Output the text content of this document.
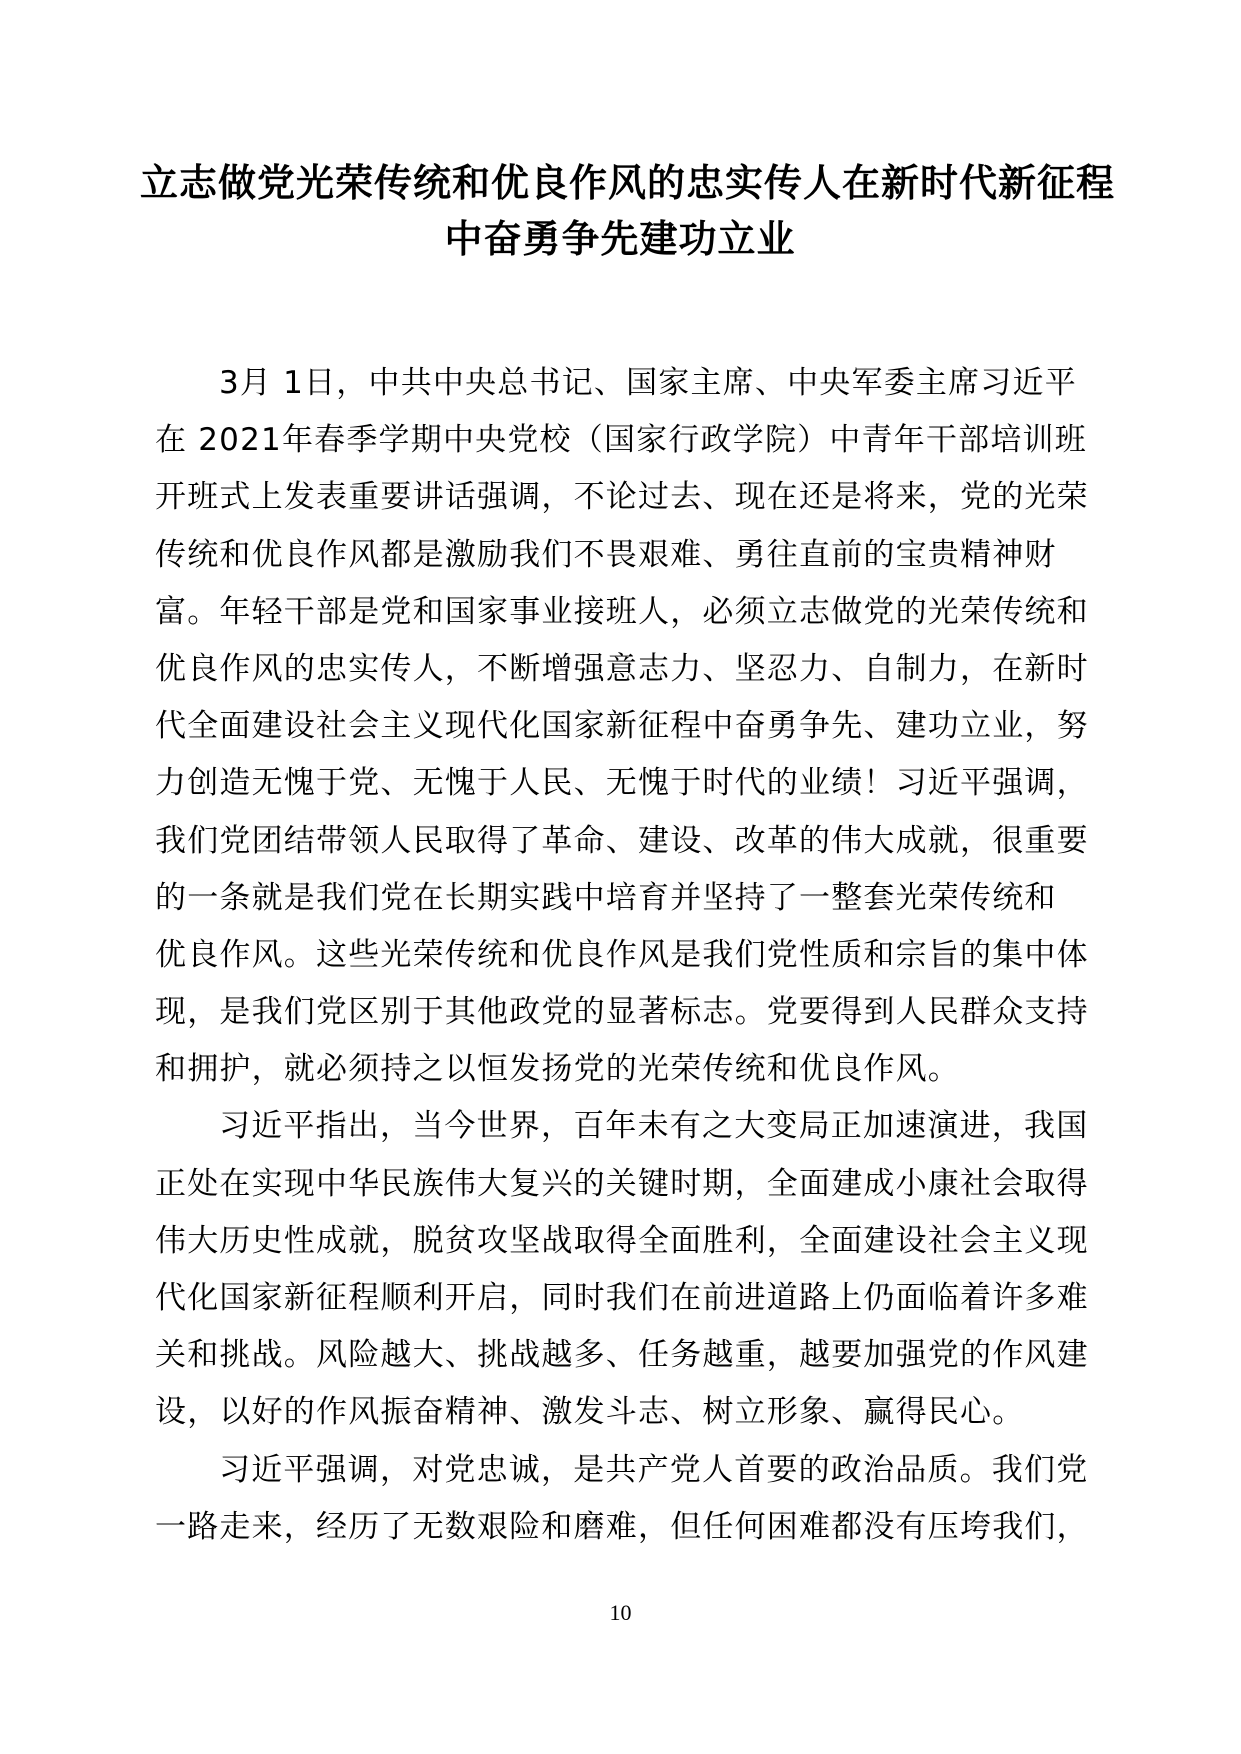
立志做党光荣传统和优良作风的忠实传人在新时代新征程
中奋勇争先建功立业
3月 1日，中共中央总书记、国家主席、中央军委主席习近平
在 2021年春季学期中央党校（国家行政学院）中青年干部培训班
开班式上发表重要讲话强调，不论过去、现在还是将来，党的光荣
传统和优良作风都是激励我们不畏艰难、勇往直前的宝贵精神财
富。年轻干部是党和国家事业接班人，必须立志做党的光荣传统和
优良作风的忠实传人，不断增强意志力、坚忍力、自制力，在新时
代全面建设社会主义现代化国家新征程中奋勇争先、建功立业，努
力创造无愧于党、无愧于人民、无愧于时代的业绩！习近平强调，
我们党团结带领人民取得了革命、建设、改革的伟大成就，很重要
的一条就是我们党在长期实践中培育并坚持了一整套光荣传统和
优良作风。这些光荣传统和优良作风是我们党性质和宗旨的集中体
现，是我们党区别于其他政党的显著标志。党要得到人民群众支持
和拥护，就必须持之以恒发扬党的光荣传统和优良作风。
习近平指出，当今世界，百年未有之大变局正加速演进，我国
正处在实现中华民族伟大复兴的关键时期，全面建成小康社会取得
伟大历史性成就，脱贫攻坚战取得全面胜利，全面建设社会主义现
代化国家新征程顺利开启，同时我们在前进道路上仍面临着许多难
关和挑战。风险越大、挑战越多、任务越重，越要加强党的作风建
设，以好的作风振奋精神、激发斗志、树立形象、赢得民心。
习近平强调，对党忠诚，是共产党人首要的政治品质。我们党
一路走来，经历了无数艰险和磨难，但任何困难都没有压垮我们，
10
